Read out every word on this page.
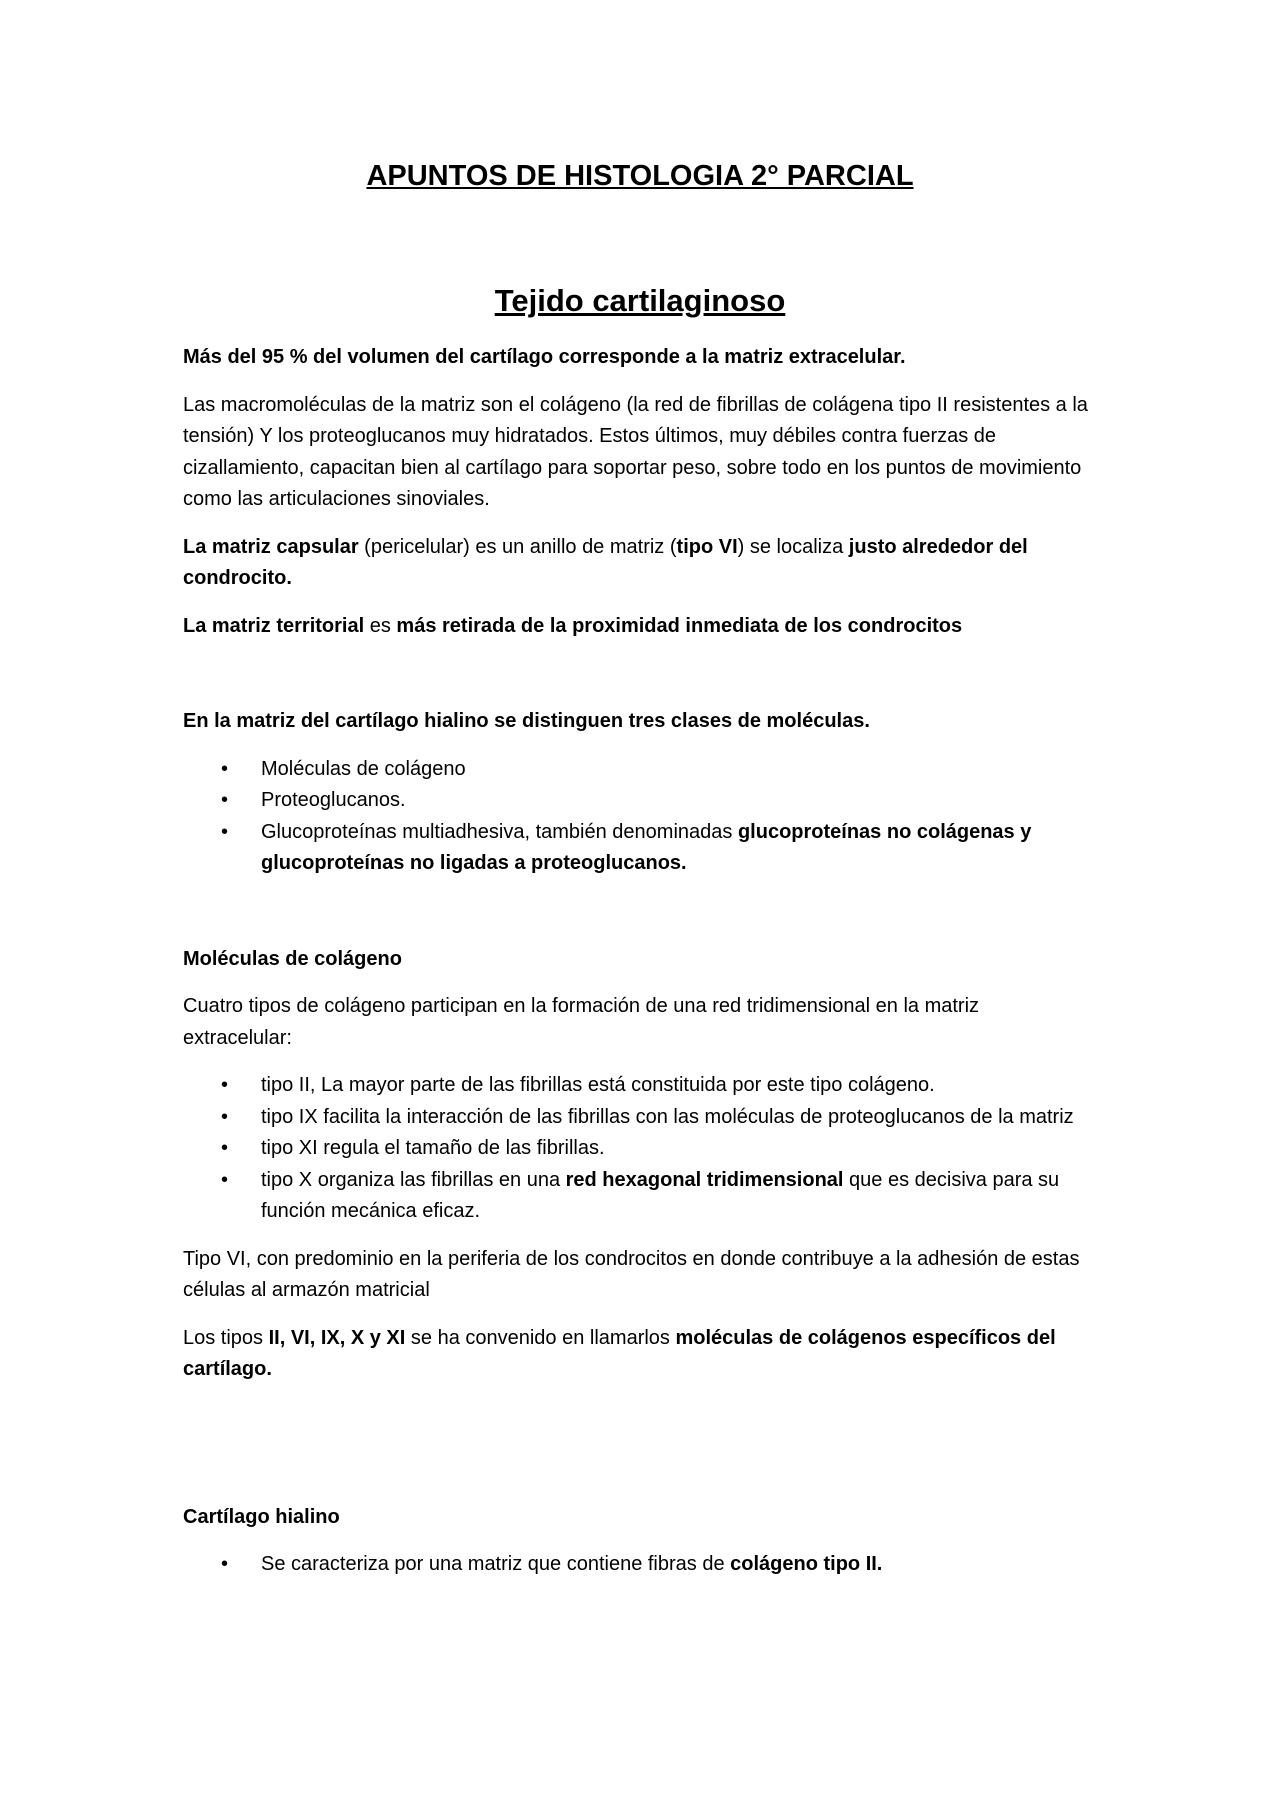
APUNTOS DE HISTOLOGIA 2° PARCIAL
Tejido cartilaginoso

Más del 95 % del volumen del cartílago corresponde a la matriz extracelular.

Las macromoléculas de la matriz son el colágeno (la red de fibrillas de colágena tipo II resistentes a la tensión) Y los proteoglucanos muy hidratados. Estos últimos, muy débiles contra fuerzas de cizallamiento, capacitan bien al cartílago para soportar peso, sobre todo en los puntos de movimiento como las articulaciones sinoviales.

La matriz capsular (pericelular) es un anillo de matriz (tipo VI) se localiza justo alrededor del condrocito.

La matriz territorial es más retirada de la proximidad inmediata de los condrocitos

En la matriz del cartílago hialino se distinguen tres clases de moléculas.

• Moléculas de colágeno
• Proteoglucanos.
• Glucoproteínas multiadhesiva, también denominadas glucoproteínas no colágenas y glucoproteínas no ligadas a proteoglucanos.

Moléculas de colágeno

Cuatro tipos de colágeno participan en la formación de una red tridimensional en la matriz extracelular:

• tipo II, La mayor parte de las fibrillas está constituida por este tipo colágeno.
• tipo IX facilita la interacción de las fibrillas con las moléculas de proteoglucanos de la matriz
• tipo XI regula el tamaño de las fibrillas.
• tipo X organiza las fibrillas en una red hexagonal tridimensional que es decisiva para su función mecánica eficaz.

Tipo VI, con predominio en la periferia de los condrocitos en donde contribuye a la adhesión de estas células al armazón matricial

Los tipos II, VI, IX, X y XI se ha convenido en llamarlos moléculas de colágenos específicos del cartílago.

Cartílago hialino

• Se caracteriza por una matriz que contiene fibras de colágeno tipo II.
